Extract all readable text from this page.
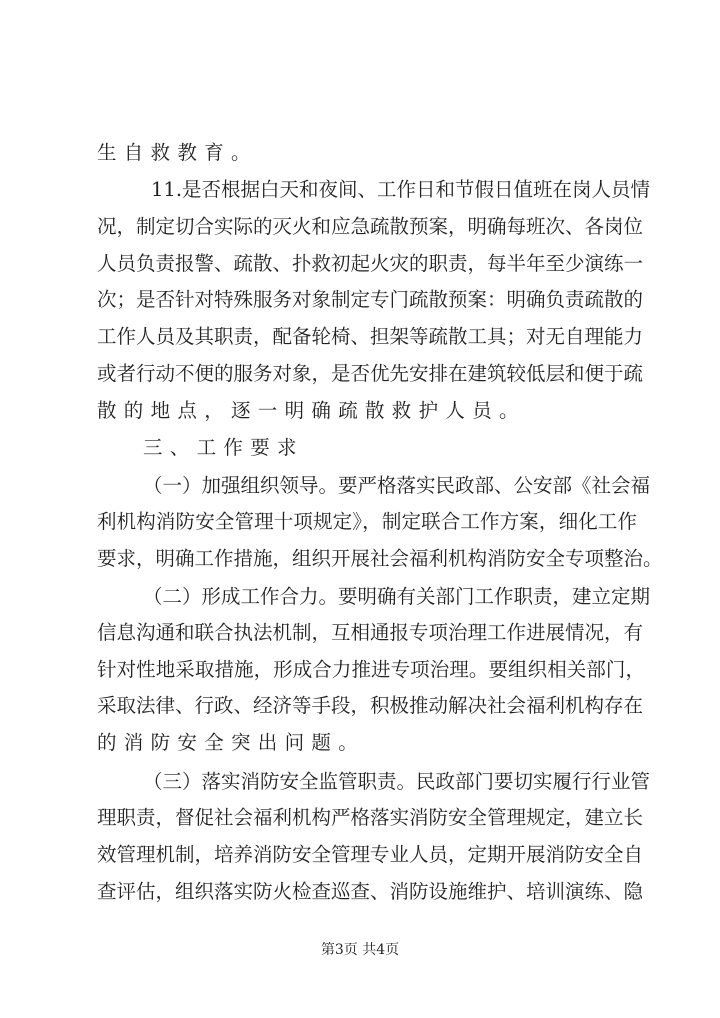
生自救教育。
11.是否根据白天和夜间、工作日和节假日值班在岗人员情
况，制定切合实际的灭火和应急疏散预案，明确每班次、各岗位
人员负责报警、疏散、扑救初起火灾的职责，每半年至少演练一
次；是否针对特殊服务对象制定专门疏散预案：明确负责疏散的
工作人员及其职责，配备轮椅、担架等疏散工具；对无自理能力
或者行动不便的服务对象，是否优先安排在建筑较低层和便于疏
散的地点，逐一明确疏散救护人员。
三、工作要求
（一）加强组织领导。要严格落实民政部、公安部《社会福
利机构消防安全管理十项规定》，制定联合工作方案，细化工作
要求，明确工作措施，组织开展社会福利机构消防安全专项整治。
（二）形成工作合力。要明确有关部门工作职责，建立定期
信息沟通和联合执法机制，互相通报专项治理工作进展情况，有
针对性地采取措施，形成合力推进专项治理。要组织相关部门，
采取法律、行政、经济等手段，积极推动解决社会福利机构存在
的消防安全突出问题。
（三）落实消防安全监管职责。民政部门要切实履行行业管
理职责，督促社会福利机构严格落实消防安全管理规定，建立长
效管理机制，培养消防安全管理专业人员，定期开展消防安全自
查评估，组织落实防火检查巡查、消防设施维护、培训演练、隐
第3页 共4页
